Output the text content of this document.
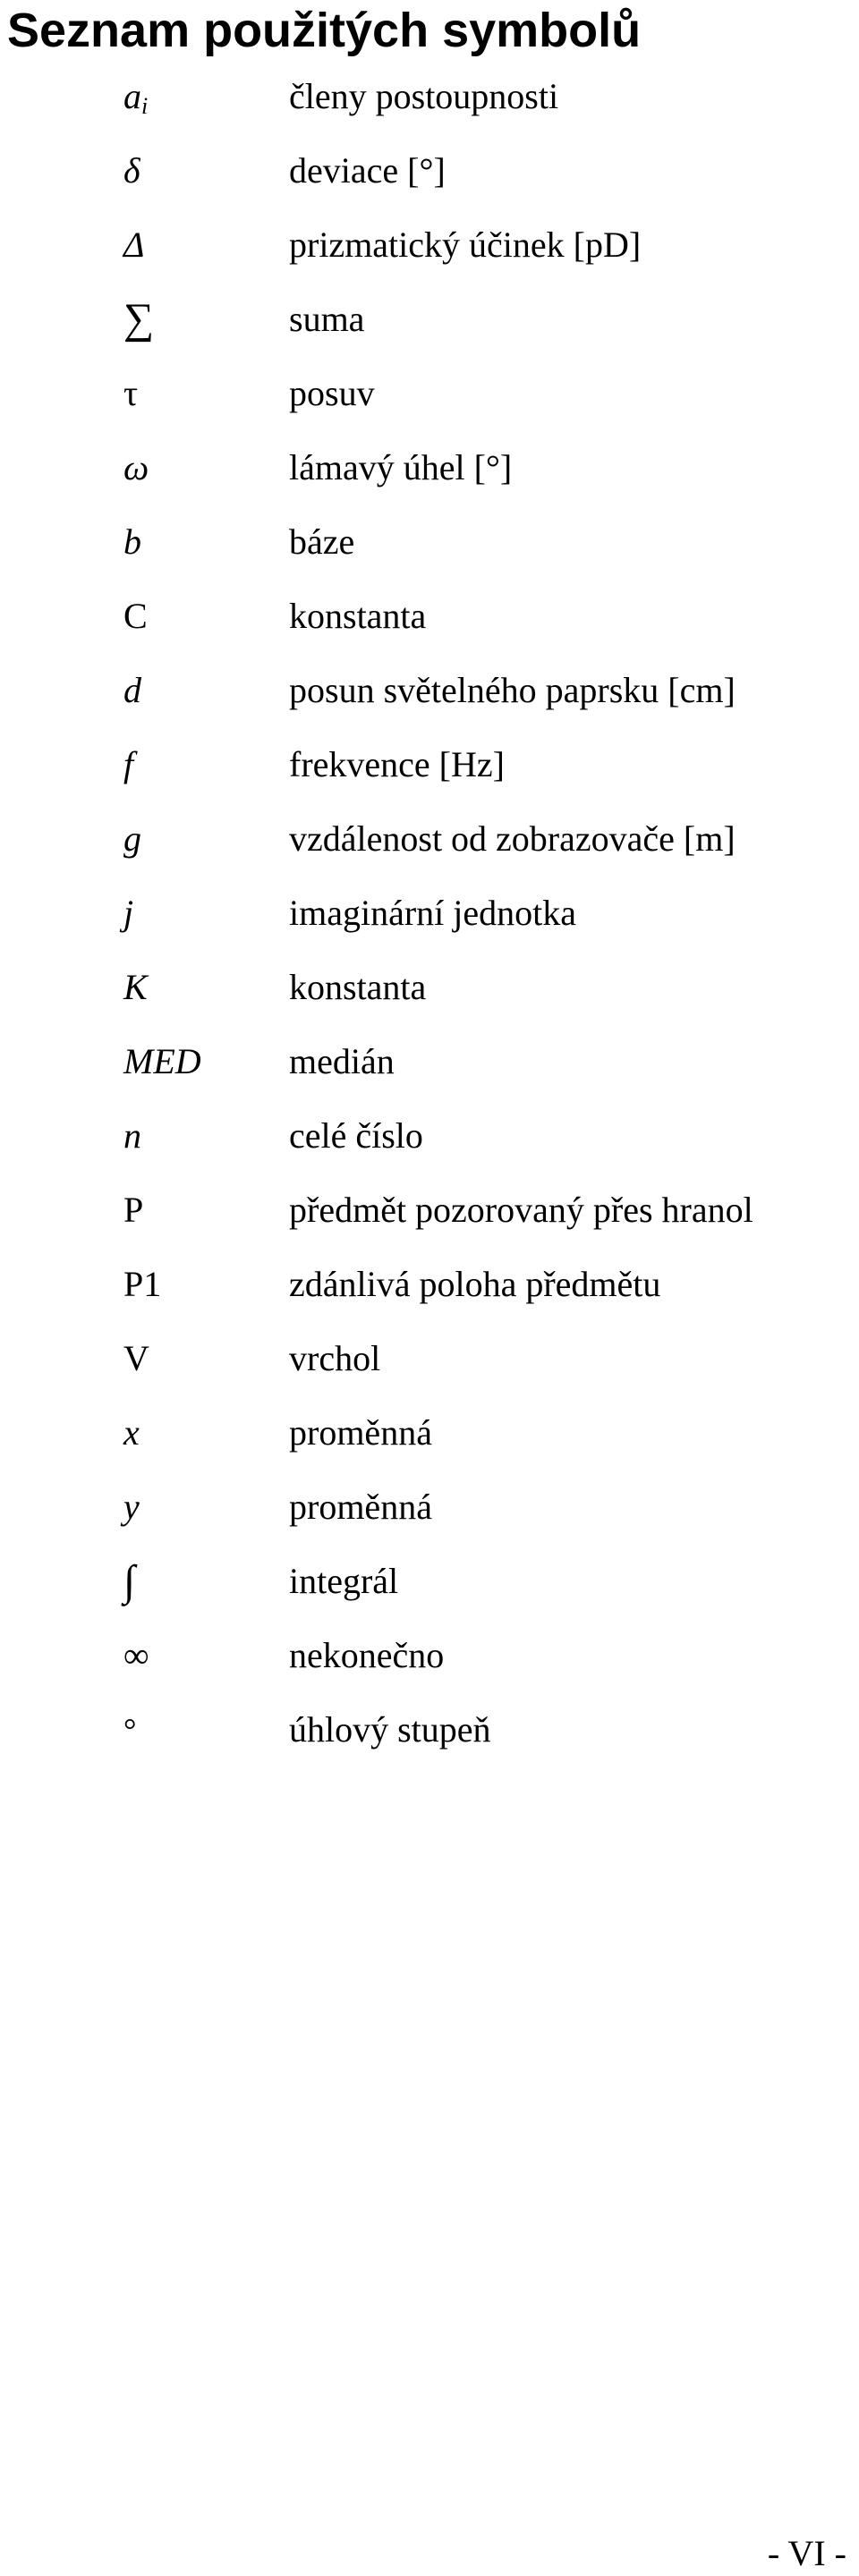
Seznam použitých symbolů
$a_i$	členy postoupnosti
δ	deviace [°]
Δ	prizmatický účinek [pD]
∑	suma
τ	posuv
ω	lámavý úhel [°]
b	báze
C	konstanta
d	posun světelného paprsku [cm]
f	frekvence [Hz]
g	vzdálenost od zobrazovače [m]
j	imaginární jednotka
K	konstanta
MED medián
n	celé číslo
P	předmět pozorovaný přes hranol
P1	zdánlivá poloha předmětu
V	vrchol
x	proměnná
y	proměnná
∫	integrál
∞	nekonečno
°	úhlový stupeň
- VI -
